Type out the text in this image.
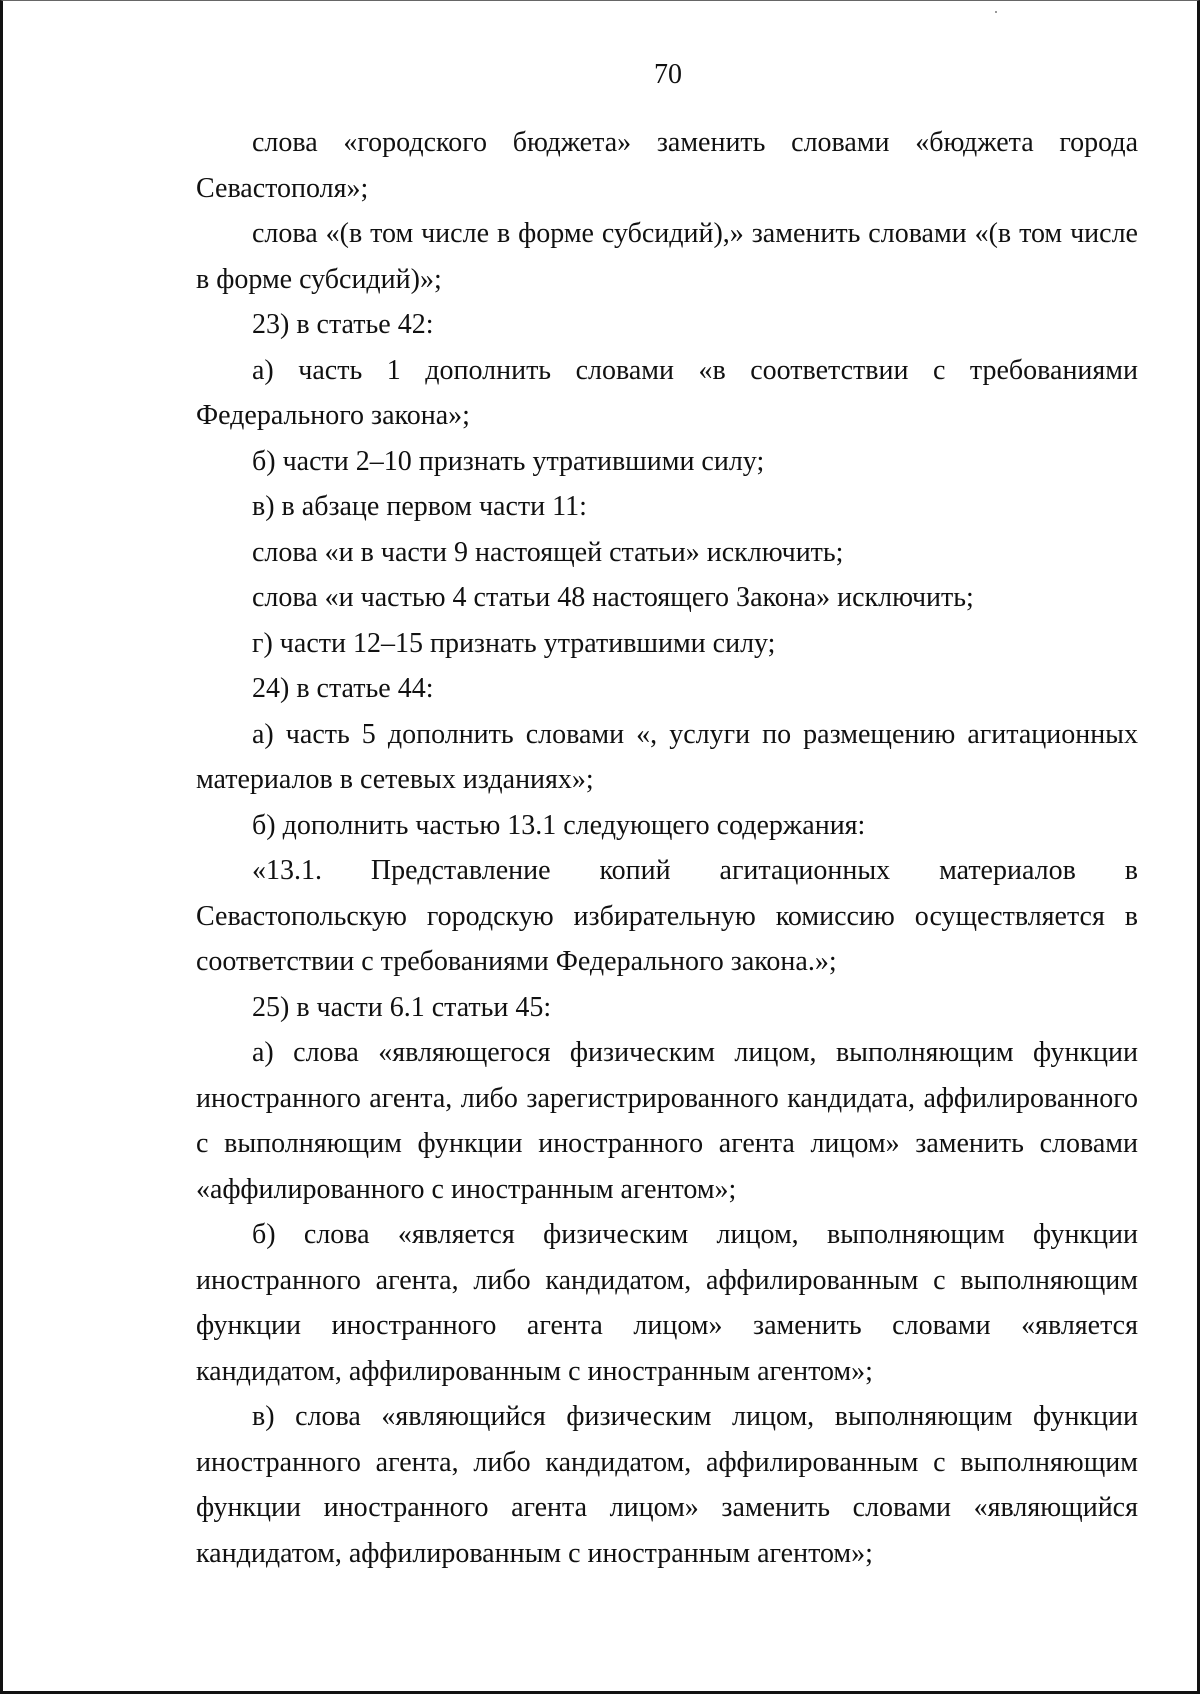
70

слова «городского бюджета» заменить словами «бюджета города Севастополя»;

слова «(в том числе в форме субсидий),» заменить словами «(в том числе в форме субсидий)»;

23) в статье 42:

а) часть 1 дополнить словами «в соответствии с требованиями Федерального закона»;

б) части 2–10 признать утратившими силу;

в) в абзаце первом части 11:

слова «и в части 9 настоящей статьи» исключить;

слова «и частью 4 статьи 48 настоящего Закона» исключить;

г) части 12–15 признать утратившими силу;

24) в статье 44:

а) часть 5 дополнить словами «, услуги по размещению агитационных материалов в сетевых изданиях»;

б) дополнить частью 13.1 следующего содержания:

«13.1. Представление копий агитационных материалов в Севастопольскую городскую избирательную комиссию осуществляется в соответствии с требованиями Федерального закона.»;

25) в части 6.1 статьи 45:

а) слова «являющегося физическим лицом, выполняющим функции иностранного агента, либо зарегистрированного кандидата, аффилированного с выполняющим функции иностранного агента лицом» заменить словами «аффилированного с иностранным агентом»;

б) слова «является физическим лицом, выполняющим функции иностранного агента, либо кандидатом, аффилированным с выполняющим функции иностранного агента лицом» заменить словами «является кандидатом, аффилированным с иностранным агентом»;

в) слова «являющийся физическим лицом, выполняющим функции иностранного агента, либо кандидатом, аффилированным с выполняющим функции иностранного агента лицом» заменить словами «являющийся кандидатом, аффилированным с иностранным агентом»;
